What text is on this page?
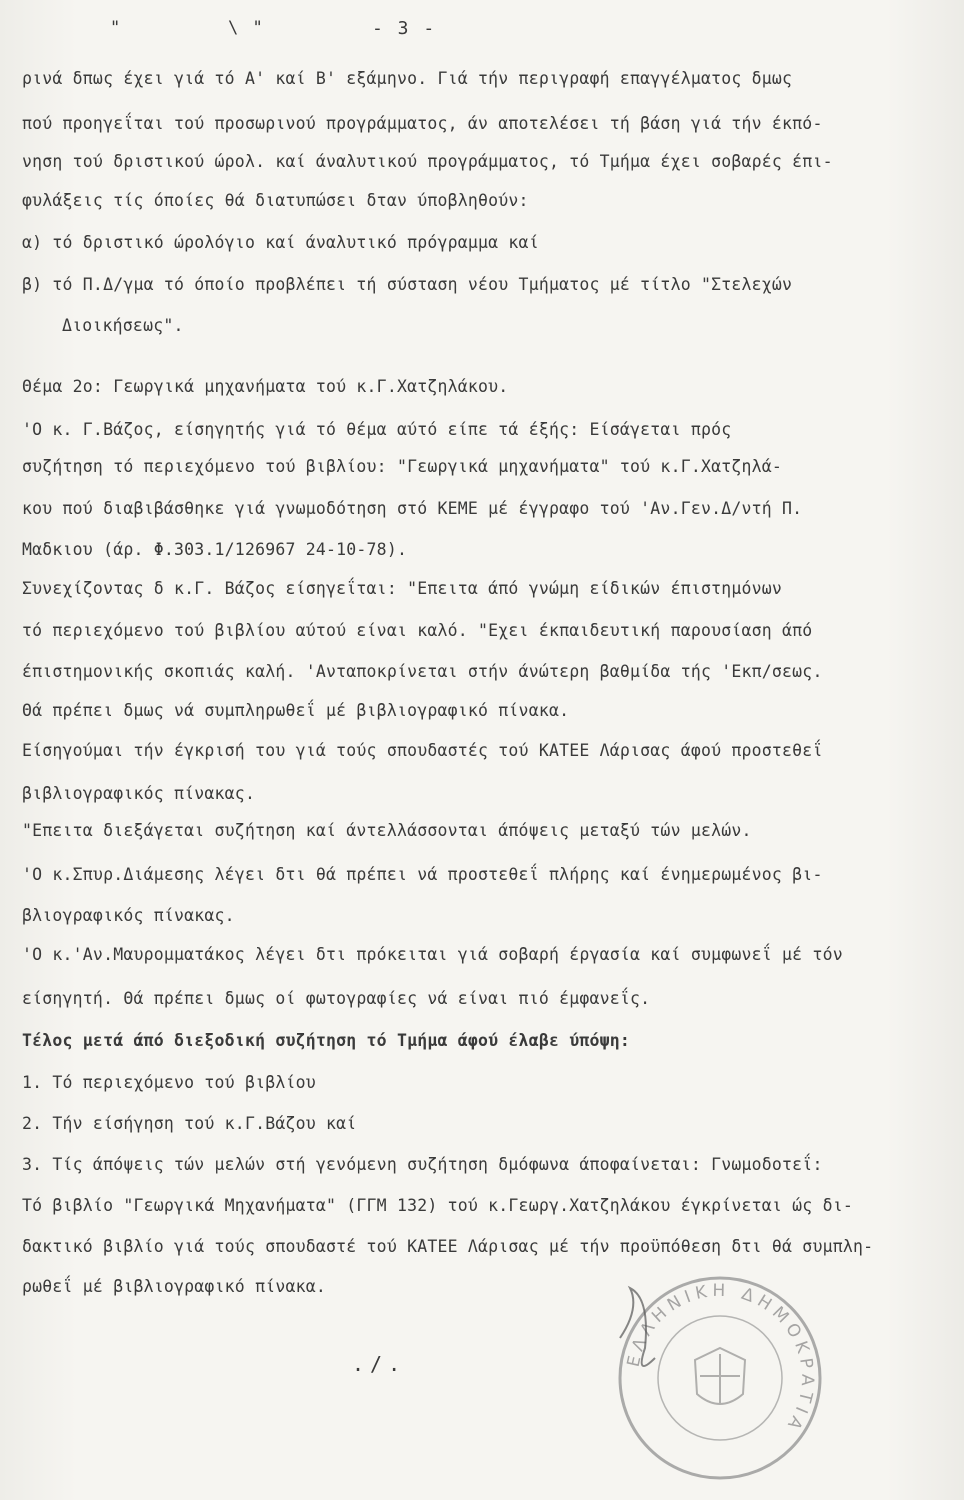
"	\ "	- 3 -
ρινά δπως έχει γιά τό Α' καί Β' εξάμηνο. Γιά τήν περιγραφή επαγγέλματος δμως
πού προηγεΐται τού προσωρινού προγράμματος, άν αποτελέσει τή βάση γιά τήν έκπό-
νηση τού δριστικού ώρολ. καί άναλυτικού προγράμματος, τό Τμήμα έχει σοβαρές έπι-
φυλάξεις τίς όποίες θά διατυπώσει δταν ύποβληθούν:
α) τό δριστικό ώρολόγιο καί άναλυτικό πρόγραμμα καί
β) τό Π.Δ/γμα τό όποίο προβλέπει τή σύσταση νέου Τμήματος μέ τίτλο "Στελεχών
Διοικήσεως".
Θέμα 2ο: Γεωργικά μηχανήματα τού κ.Γ.Χατζηλάκου.
'Ο κ. Γ.Βάζος, είσηγητής γιά τό θέμα αύτό είπε τά έξής: Είσάγεται πρός
συζήτηση τό περιεχόμενο τού βιβλίου: "Γεωργικά μηχανήματα" τού κ.Γ.Χατζηλά-
κου πού διαβιβάσθηκε γιά γνωμοδότηση στό ΚΕΜΕ μέ έγγραφο τού 'Αν.Γεν.Δ/ντή Π.
Μαδκιου (άρ. Φ.303.1/126967 24-10-78).
Συνεχίζοντας δ κ.Γ. Βάζος είσηγεΐται: "Επειτα άπό γνώμη είδικών έπιστημόνων
τό περιεχόμενο τού βιβλίου αύτού είναι καλό. "Εχει έκπαιδευτική παρουσίαση άπό
έπιστημονικής σκοπιάς καλή. 'Ανταποκρίνεται στήν άνώτερη βαθμίδα τής 'Εκπ/σεως.
Θά πρέπει δμως νά συμπληρωθεΐ μέ βιβλιογραφικό πίνακα.
Είσηγούμαι τήν έγκρισή του γιά τούς σπουδαστές τού ΚΑΤΕΕ Λάρισας άφού προστεθεΐ
βιβλιογραφικός πίνακας.
"Επειτα διεξάγεται συζήτηση καί άντελλάσσονται άπόψεις μεταξύ τών μελών.
'Ο κ.Σπυρ.Διάμεσης λέγει δτι θά πρέπει νά προστεθεΐ πλήρης καί ένημερωμένος βι-
βλιογραφικός πίνακας.
'Ο κ.'Αν.Μαυρομματάκος λέγει δτι πρόκειται γιά σοβαρή έργασία καί συμφωνεΐ μέ τόν
είσηγητή. Θά πρέπει δμως οί φωτογραφίες νά είναι πιό έμφανεΐς.
Τέλος μετά άπό διεξοδική συζήτηση τό Τμήμα άφού έλαβε ύπόψη:
1. Τό περιεχόμενο τού βιβλίου
2. Τήν είσήγηση τού κ.Γ.Βάζου καί
3. Τίς άπόψεις τών μελών στή γενόμενη συζήτηση δμόφωνα άποφαίνεται: Γνωμοδοτεΐ:
Τό βιβλίο "Γεωργικά Μηχανήματα" (ΓΓΜ 132) τού κ.Γεωργ.Χατζηλάκου έγκρίνεται ώς δι-
δακτικό βιβλίο γιά τούς σπουδαστέ τού ΚΑΤΕΕ Λάρισας μέ τήν προϋπόθεση δτι θά συμπλη-
ρωθεΐ μέ βιβλιογραφικό πίνακα.
./.	ΕΛΛΗΝΙΚΗ ΔΗΜΟΚΡΑΤΙΑ
